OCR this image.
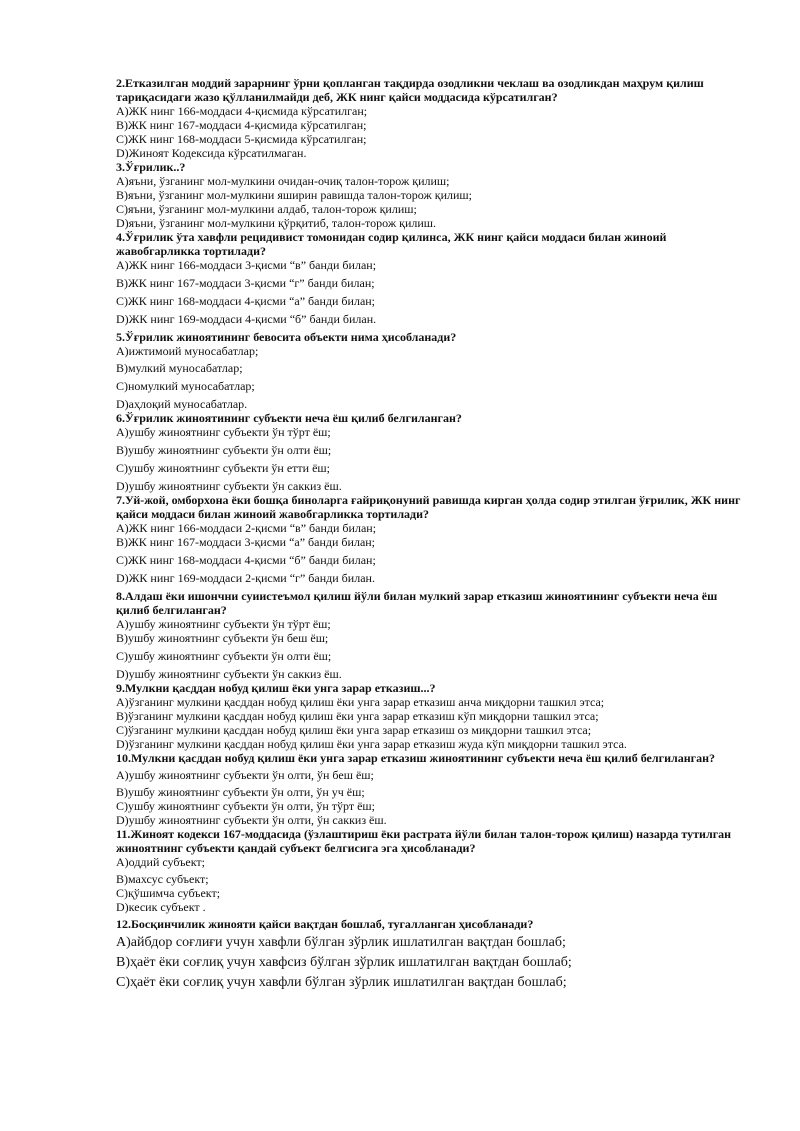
2.Етказилган моддий зарарнинг ўрни қопланган тақдирда озодликни чеклаш ва озодликдан маҳрум қилиш тариқасидаги жазо қўлланилмайди деб, ЖК нинг қайси моддасида кўрсатилган?
А)ЖК нинг 166-моддаси 4-қисмида кўрсатилган;
В)ЖК нинг 167-моддаси 4-қисмида кўрсатилган;
С)ЖК нинг 168-моддаси 5-қисмида кўрсатилган;
D)Жиноят Кодексида кўрсатилмаган.
3.Ўғрилик..?
А)яъни, ўзганинг мол-мулкини очидан-очиқ талон-торож қилиш;
В)яъни, ўзганинг мол-мулкини яширин равишда талон-торож қилиш;
С)яъни, ўзганинг мол-мулкини алдаб, талон-торож қилиш;
D)яъни, ўзганинг мол-мулкини қўрқитиб, талон-торож қилиш.
4.Ўғрилик ўта хавфли рецидивист томонидан содир қилинса, ЖК нинг қайси моддаси билан жиноий жавобгарликка тортилади?
А)ЖК нинг 166-моддаси 3-қисми “в” банди билан;
В)ЖК нинг 167-моддаси 3-қисми “г” банди билан;
С)ЖК нинг 168-моддаси 4-қисми “а” банди билан;
D)ЖК нинг 169-моддаси 4-қисми “б” банди билан.
5.Ўғрилик жиноятининг бевосита объекти нима ҳисобланади?
А)ижтимоий муносабатлар;
В)мулкий муносабатлар;
С)номулкий муносабатлар;
D)аҳлоқий муносабатлар.
6.Ўғрилик жиноятининг субъекти неча ёш қилиб белгиланган?
А)ушбу жиноятнинг субъекти ўн тўрт ёш;
В)ушбу жиноятнинг субъекти ўн олти ёш;
С)ушбу жиноятнинг субъекти ўн етти ёш;
D)ушбу жиноятнинг субъекти ўн саккиз ёш.
7.Уй-жой, омборхона ёки бошқа биноларга ғайриқонуний равишда кирган ҳолда содир этилган ўғрилик, ЖК нинг қайси моддаси билан жиноий жавобгарликка тортилади?
А)ЖК нинг 166-моддаси 2-қисми “в” банди билан;
В)ЖК нинг 167-моддаси 3-қисми “а” банди билан;
С)ЖК нинг 168-моддаси 4-қисми “б” банди билан;
D)ЖК нинг 169-моддаси 2-қисми “г” банди билан.
8.Алдаш ёки ишончни суиистеъмол қилиш йўли билан мулкий зарар етказиш жиноятининг субъекти неча ёш қилиб белгиланган?
А)ушбу жиноятнинг субъекти ўн тўрт ёш;
В)ушбу жиноятнинг субъекти ўн беш ёш;
С)ушбу жиноятнинг субъекти ўн олти ёш;
D)ушбу жиноятнинг субъекти ўн саккиз ёш.
9.Мулкни қасддан нобуд қилиш ёки унга зарар етказиш...?
А)ўзганинг мулкини қасддан нобуд қилиш ёки унга зарар етказиш анча миқдорни ташкил этса;
В)ўзганинг мулкини қасддан нобуд қилиш ёки унга зарар етказиш кўп миқдорни ташкил этса;
С)ўзганинг мулкини қасддан нобуд қилиш ёки унга зарар етказиш оз миқдорни ташкил этса;
D)ўзганинг мулкини қасддан нобуд қилиш ёки унга зарар етказиш жуда кўп миқдорни ташкил этса.
10.Мулкни қасддан нобуд қилиш ёки унга зарар етказиш жиноятининг субъекти неча ёш қилиб белгиланган?
А)ушбу жиноятнинг субъекти ўн олти, ўн беш ёш;
В)ушбу жиноятнинг субъекти ўн олти, ўн уч ёш;
С)ушбу жиноятнинг субъекти ўн олти, ўн тўрт ёш;
D)ушбу жиноятнинг субъекти ўн олти, ўн саккиз ёш.
11.Жиноят кодекси 167-моддасида (ўзлаштириш ёки растрата йўли билан талон-торож қилиш) назарда тутилган жиноятнинг субъекти қандай субъект белгисига эга ҳисобланади?
А)оддий субъект;
В)махсус субъект;
С)қўшимча субъект;
D)кесик субъект .
12.Босқинчилик жинояти қайси вақтдан бошлаб, тугалланган ҳисобланади?
А)айбдор соғлиғи учун хавфли бўлган зўрлик ишлатилган вақтдан бошлаб;
В)ҳаёт ёки соғлиқ учун хавфсиз бўлган зўрлик ишлатилган вақтдан бошлаб;
С)ҳаёт ёки соғлиқ учун хавфли бўлган зўрлик ишлатилган вақтдан бошлаб;
